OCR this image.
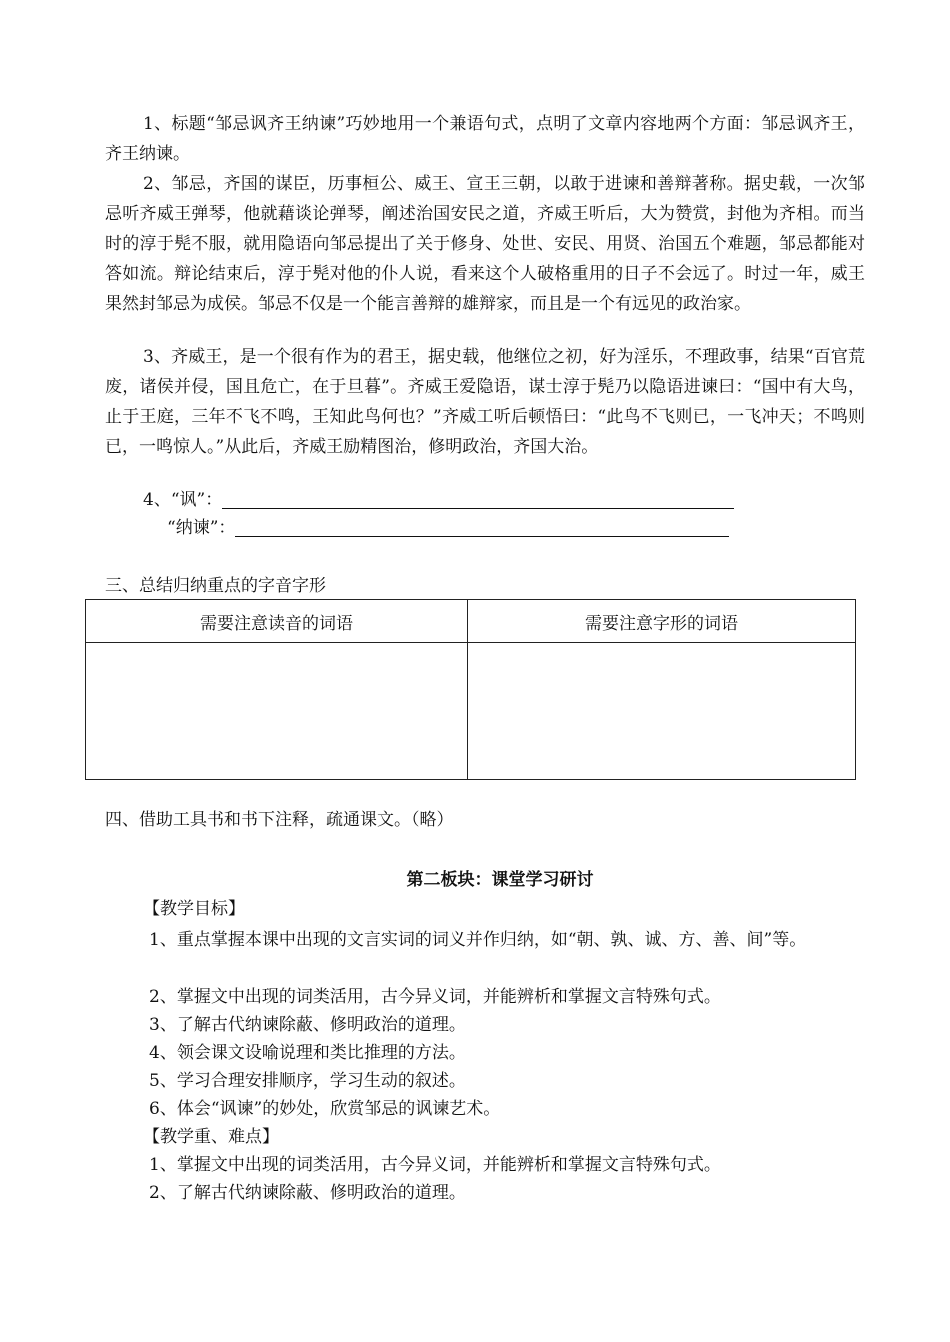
1、标题“邹忌讽齐王纳谏”巧妙地用一个兼语句式，点明了文章内容地两个方面：邹忌讽齐王，齐王纳谏。
2、邹忌，齐国的谋臣，历事桓公、威王、宣王三朝，以敢于进谏和善辩著称。据史载，一次邹忌听齐威王弹琴，他就藉谈论弹琴，阐述治国安民之道，齐威王听后，大为赞赏，封他为齐相。而当时的淳于髡不服，就用隐语向邹忌提出了关于修身、处世、安民、用贤、治国五个难题，邹忌都能对答如流。辩论结束后，淳于髡对他的仆人说，看来这个人破格重用的日子不会远了。时过一年，威王果然封邹忌为成侯。邹忌不仅是一个能言善辩的雄辩家，而且是一个有远见的政治家。
3、齐威王，是一个很有作为的君王，据史载，他继位之初，好为淫乐，不理政事，结果“百官荒废，诸侯并侵，国且危亡，在于旦暮”。齐威王爱隐语，谋士淳于髡乃以隐语进谏曰：“国中有大鸟，止于王庭，三年不飞不鸣，王知此鸟何也？”齐威工听后顿悟曰：“此鸟不飞则已，一飞冲天；不鸣则已，一鸣惊人。”从此后，齐威王励精图治，修明政治，齐国大治。
4、“讽”：
“纳谏”：
三、总结归纳重点的字音字形
需要注意读音的词语	需要注意字形的词语

四、借助工具书和书下注释，疏通课文。（略）
第二板块：课堂学习研讨
【教学目标】
1、重点掌握本课中出现的文言实词的词义并作归纳，如“朝、孰、诚、方、善、间”等。
2、掌握文中出现的词类活用，古今异义词，并能辨析和掌握文言特殊句式。
3、了解古代纳谏除蔽、修明政治的道理。
4、领会课文设喻说理和类比推理的方法。
5、学习合理安排顺序，学习生动的叙述。
6、体会“讽谏”的妙处，欣赏邹忌的讽谏艺术。
【教学重、难点】
1、掌握文中出现的词类活用，古今异义词，并能辨析和掌握文言特殊句式。
2、了解古代纳谏除蔽、修明政治的道理。
